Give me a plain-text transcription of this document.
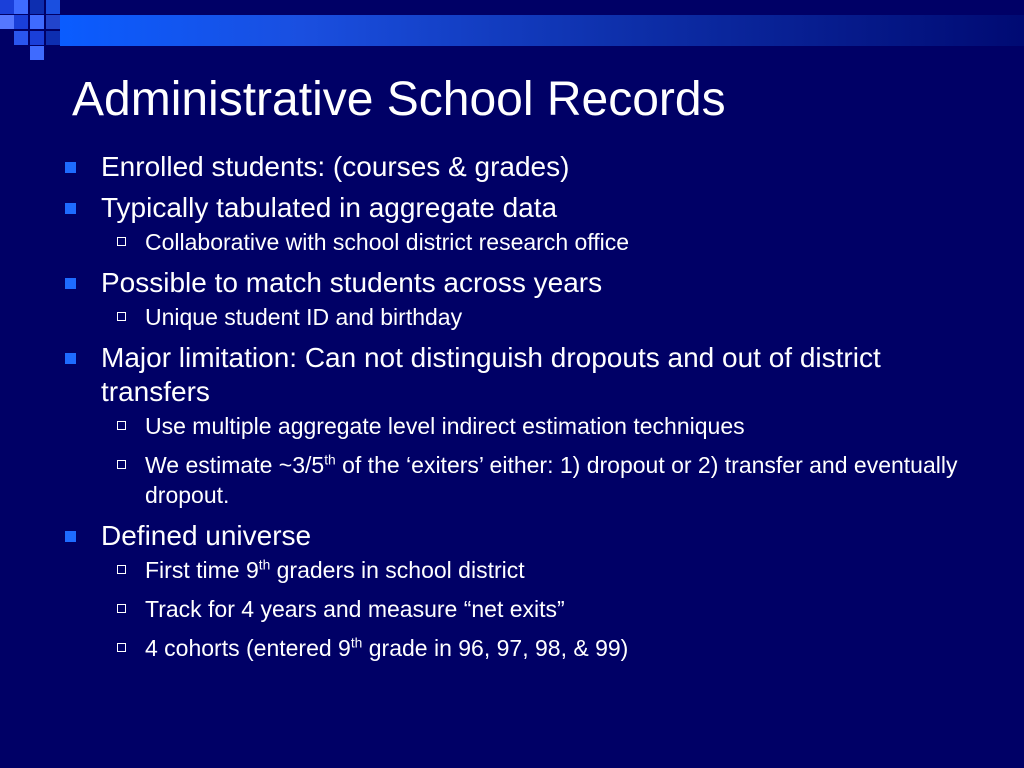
Administrative School Records
Enrolled students: (courses & grades)
Typically tabulated in aggregate data
Collaborative with school district research office
Possible to match students across years
Unique student ID and birthday
Major limitation: Can not distinguish dropouts and out of district transfers
Use multiple aggregate level indirect estimation techniques
We estimate ~3/5th of the ‘exiters’ either: 1) dropout or 2) transfer and eventually dropout.
Defined universe
First time 9th graders in school district
Track for 4 years and measure “net exits”
4 cohorts (entered 9th grade in 96, 97, 98, & 99)
